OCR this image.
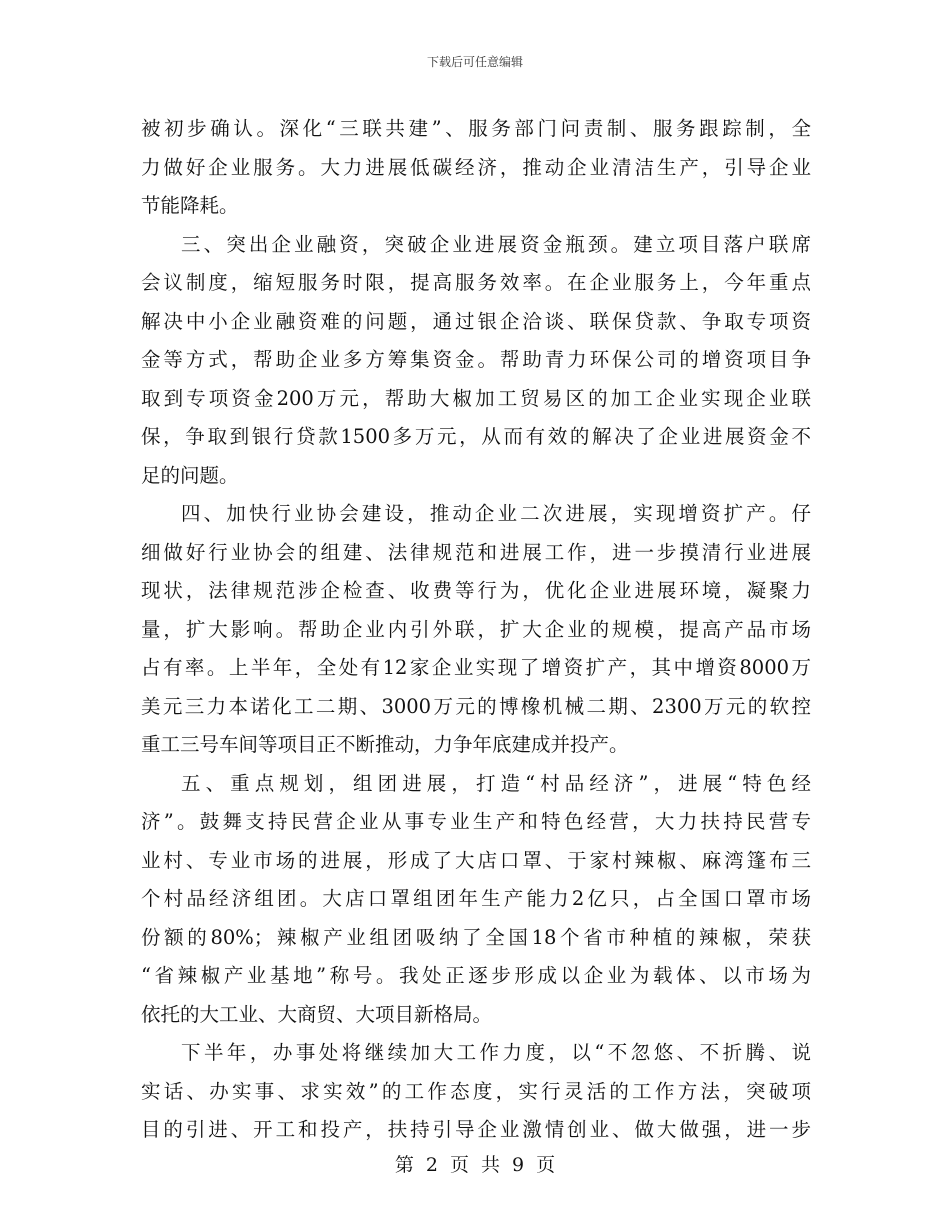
下载后可任意编辑
被初步确认。深化“三联共建”、服务部门问责制、服务跟踪制，全
力做好企业服务。大力进展低碳经济，推动企业清洁生产，引导企业
节能降耗。
三、突出企业融资，突破企业进展资金瓶颈。建立项目落户联席
会议制度，缩短服务时限，提高服务效率。在企业服务上，今年重点
解决中小企业融资难的问题，通过银企洽谈、联保贷款、争取专项资
金等方式，帮助企业多方筹集资金。帮助青力环保公司的增资项目争
取到专项资金200万元，帮助大椒加工贸易区的加工企业实现企业联
保，争取到银行贷款1500多万元，从而有效的解决了企业进展资金不
足的问题。
四、加快行业协会建设，推动企业二次进展，实现增资扩产。仔
细做好行业协会的组建、法律规范和进展工作，进一步摸清行业进展
现状，法律规范涉企检查、收费等行为，优化企业进展环境，凝聚力
量，扩大影响。帮助企业内引外联，扩大企业的规模，提高产品市场
占有率。上半年，全处有12家企业实现了增资扩产，其中增资8000万
美元三力本诺化工二期、3000万元的博橡机械二期、2300万元的软控
重工三号车间等项目正不断推动，力争年底建成并投产。
五、重点规划，组团进展，打造“村品经济”，进展“特色经
济”。鼓舞支持民营企业从事专业生产和特色经营，大力扶持民营专
业村、专业市场的进展，形成了大店口罩、于家村辣椒、麻湾篷布三
个村品经济组团。大店口罩组团年生产能力2亿只，占全国口罩市场
份额的80%；辣椒产业组团吸纳了全国18个省市种植的辣椒，荣获
“省辣椒产业基地”称号。我处正逐步形成以企业为载体、以市场为
依托的大工业、大商贸、大项目新格局。
下半年，办事处将继续加大工作力度，以“不忽悠、不折腾、说
实话、办实事、求实效”的工作态度，实行灵活的工作方法，突破项
目的引进、开工和投产，扶持引导企业激情创业、做大做强，进一步
第 2 页 共 9 页
